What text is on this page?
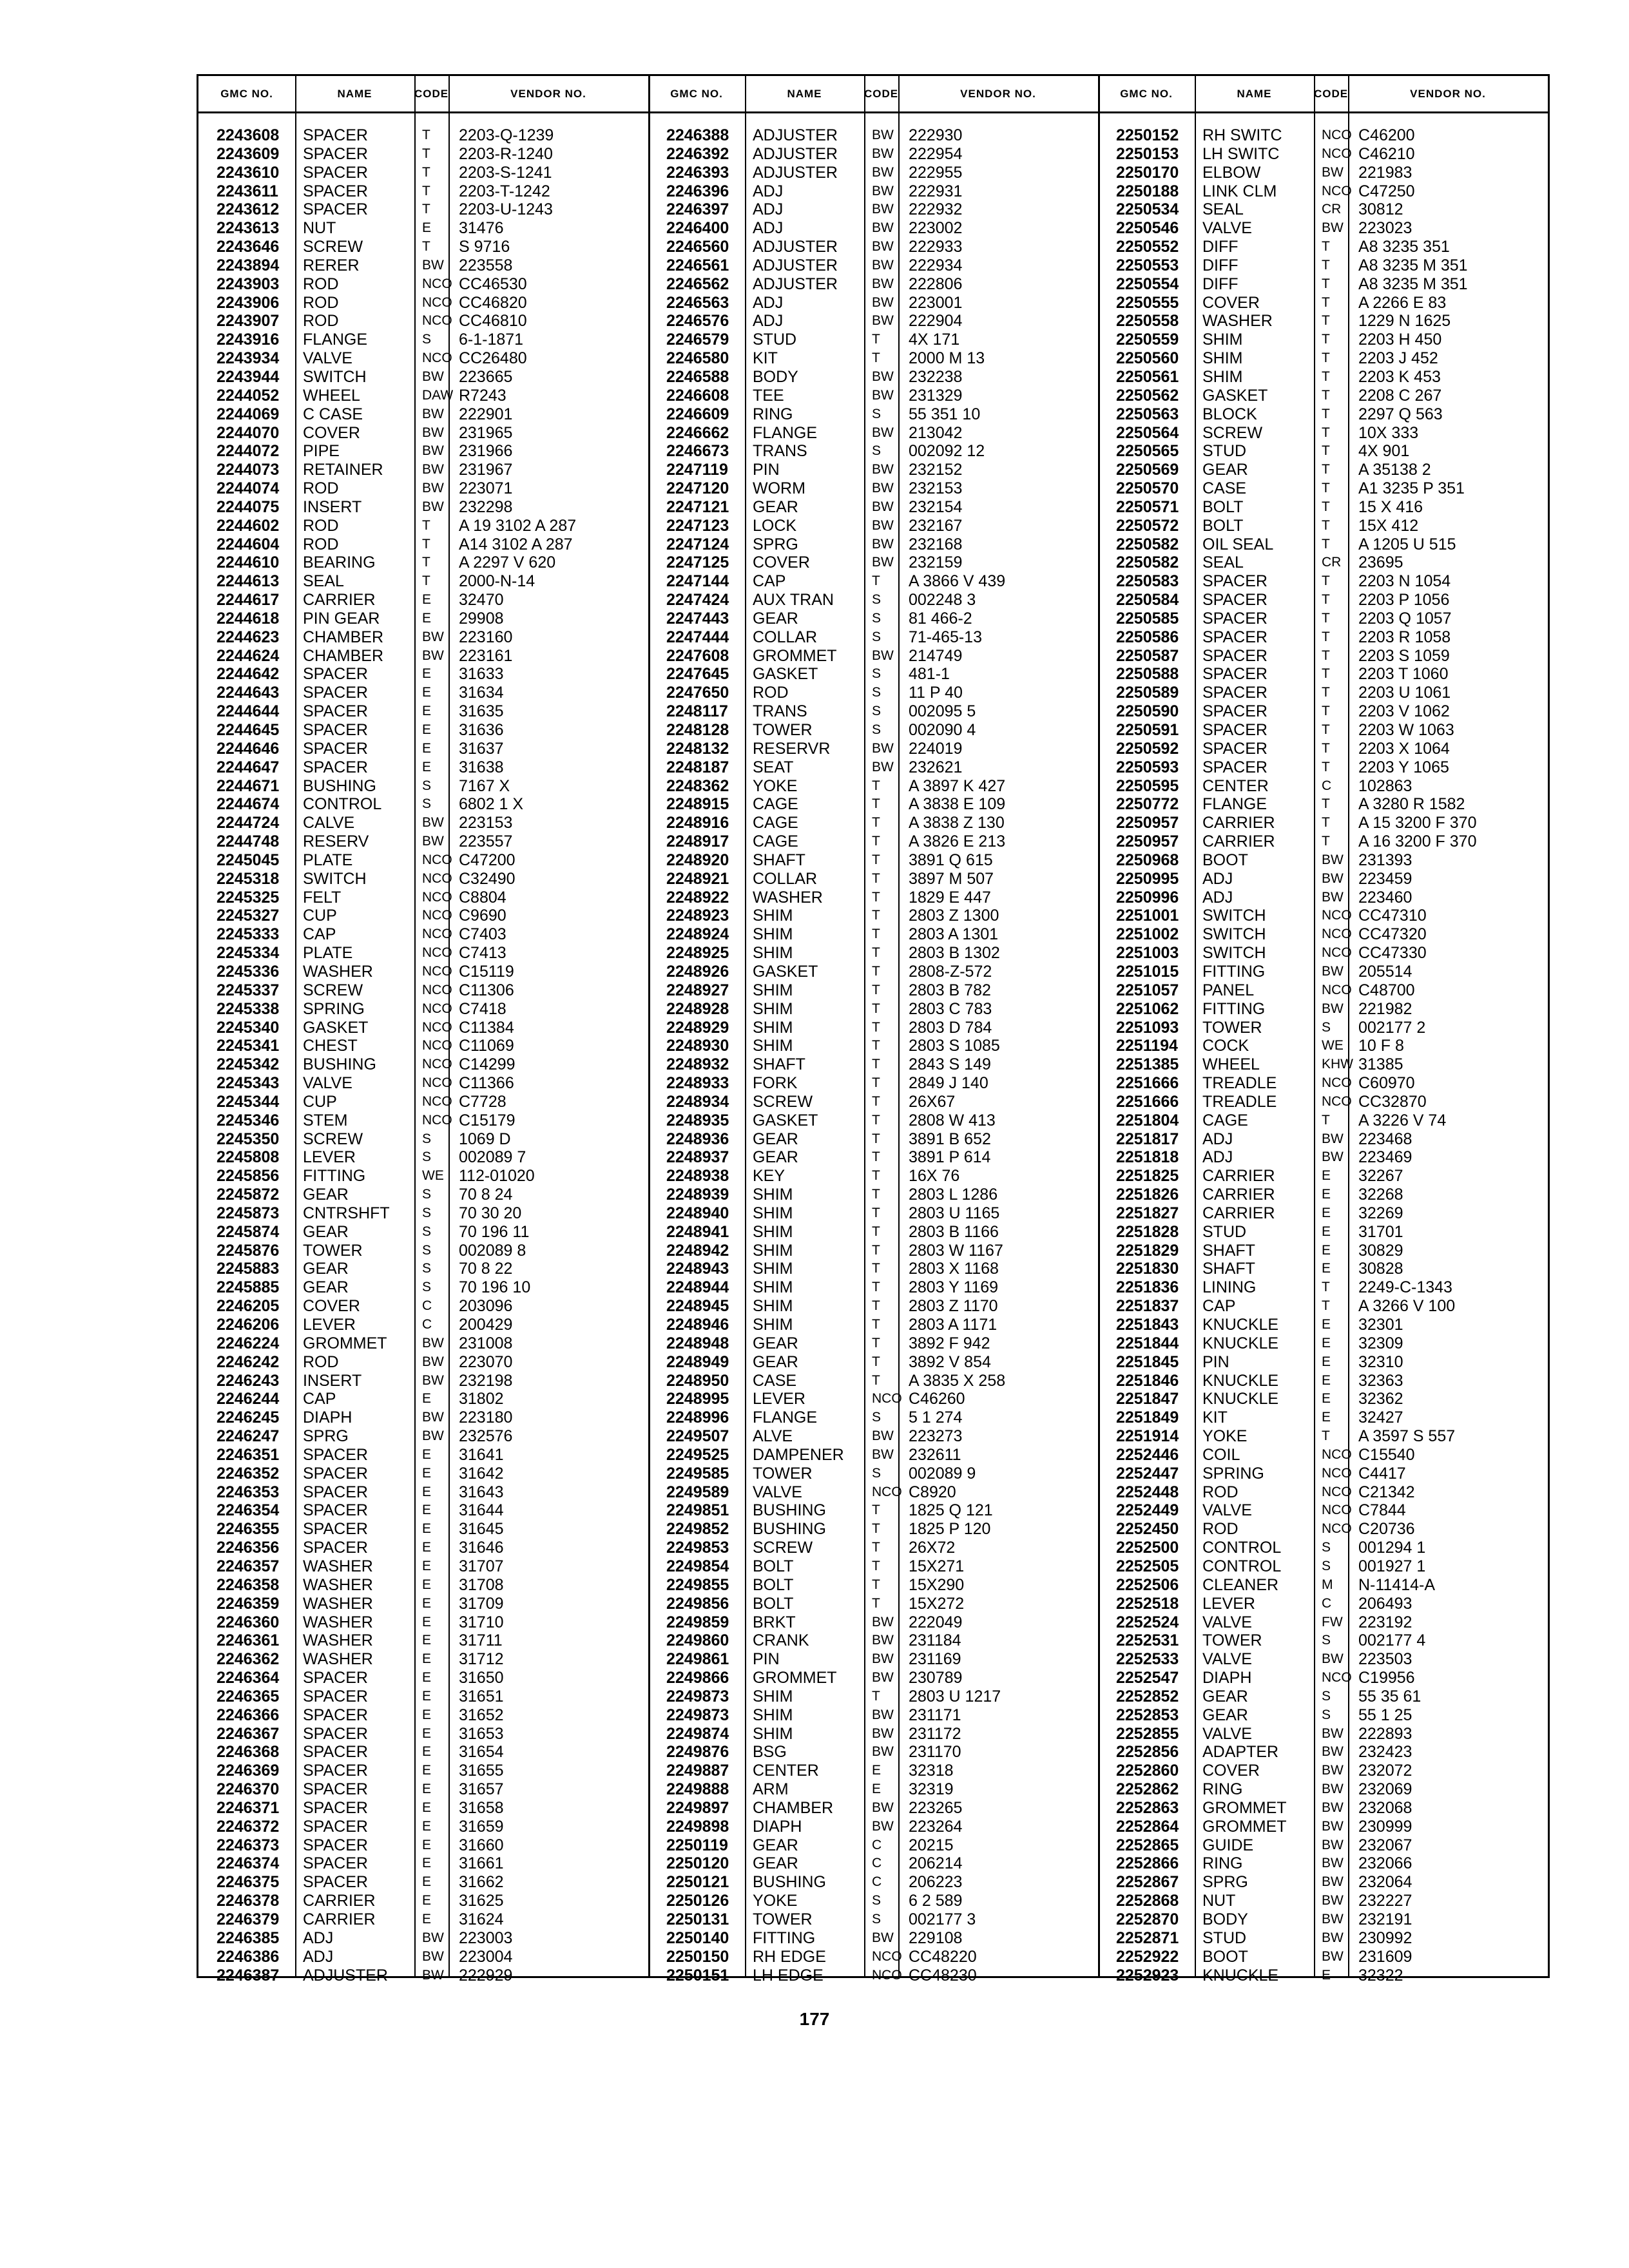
GMC NO.	NAME	CODE	VENDOR NO.
2243608 SPACER	T 2203-Q-1239
2243609 SPACER	T 2203-R-1240
2243610 SPACER	T 2203-S-1241
2243611 SPACER	T 2203-T-1242
2243612 SPACER	T 2203-U-1243
2243613 NUT	E 31476
2243646 SCREW	T S 9716
2243894 RERER	BW 223558
2243903 ROD	NCO CC46530
2243906 ROD	NCO CC46820
2243907 ROD	NCO CC46810
2243916 FLANGE	S 6-1-1871
2243934 VALVE	NCO CC26480
2243944 SWITCH	BW 223665
2244052 WHEEL	DAW R7243
2244069 C CASE	BW 222901
2244070 COVER	BW 231965
2244072 PIPE	BW 231966
2244073 RETAINER	BW 231967
2244074 ROD	BW 223071
2244075 INSERT	BW 232298
2244602 ROD	T A 19 3102 A 287
2244604 ROD	T A14 3102 A 287
2244610 BEARING	T A 2297 V 620
2244613 SEAL	T 2000-N-14
2244617 CARRIER	E 32470
2244618 PIN GEAR	E 29908
2244623 CHAMBER	BW 223160
2244624 CHAMBER	BW 223161
2244642 SPACER	E 31633
2244643 SPACER	E 31634
2244644 SPACER	E 31635
2244645 SPACER	E 31636
2244646 SPACER	E 31637
2244647 SPACER	E 31638
2244671 BUSHING	S 7167 X
2244674 CONTROL	S 6802 1 X
2244724 CALVE	BW 223153
2244748 RESERV	BW 223557
2245045 PLATE	NCO C47200
2245318 SWITCH	NCO C32490
2245325 FELT	NCO C8804
2245327 CUP	NCO C9690
2245333 CAP	NCO C7403
2245334 PLATE	NCO C7413
2245336 WASHER	NCO C15119
2245337 SCREW	NCO C11306
2245338 SPRING	NCO C7418
2245340 GASKET	NCO C11384
2245341 CHEST	NCO C11069
2245342 BUSHING	NCO C14299
2245343 VALVE	NCO C11366
2245344 CUP	NCO C7728
2245346 STEM	NCO C15179
2245350 SCREW	S 1069 D
2245808 LEVER	S 002089 7
2245856 FITTING	WE 112-01020
2245872 GEAR	S 70 8 24
2245873 CNTRSHFT S 70 30 20
2245874 GEAR	S 70 196 11
2245876 TOWER	S 002089 8
2245883 GEAR	S 70 8 22
2245885 GEAR	S 70 196 10
2246205 COVER	C 203096
2246206 LEVER	C 200429
2246224 GROMMET	BW 231008
2246242 ROD	BW 223070
2246243 INSERT	BW 232198
2246244 CAP	E 31802
2246245 DIAPH	BW 223180
2246247 SPRG	BW 232576
2246351 SPACER	E 31641
2246352 SPACER	E 31642
2246353 SPACER	E 31643
2246354 SPACER	E 31644
2246355 SPACER	E 31645
2246356 SPACER	E 31646
2246357 WASHER	E 31707
2246358 WASHER	E 31708
2246359 WASHER	E 31709
2246360 WASHER	E 31710
2246361 WASHER	E 31711
2246362 WASHER	E 31712
2246364 SPACER	E 31650
2246365 SPACER	E 31651
2246366 SPACER	E 31652
2246367 SPACER	E 31653
2246368 SPACER	E 31654
2246369 SPACER	E 31655
2246370 SPACER	E 31657
2246371 SPACER	E 31658
2246372 SPACER	E 31659
2246373 SPACER	E 31660
2246374 SPACER	E 31661
2246375 SPACER	E 31662
2246378 CARRIER	E 31625
2246379 CARRIER	E 31624
2246385 ADJ	BW 223003
2246386 ADJ	BW 223004
2246387 ADJUSTER	BW 222929
GMC NO.	NAME	CODE	VENDOR NO.
2246388 ADJUSTER	BW 222930
2246392 ADJUSTER	BW 222954
2246393 ADJUSTER	BW 222955
2246396 ADJ	BW 222931
2246397 ADJ	BW 222932
2246400 ADJ	BW 223002
2246560 ADJUSTER	BW 222933
2246561 ADJUSTER	BW 222934
2246562 ADJUSTER	BW 222806
2246563 ADJ	BW 223001
2246576 ADJ	BW 222904
2246579 STUD	T 4X 171
2246580 KIT	T 2000 M 13
2246588 BODY	BW 232238
2246608 TEE	BW 231329
2246609 RING	S 55 351 10
2246662 FLANGE	BW 213042
2246673 TRANS	S 002092 12
2247119 PIN	BW 232152
2247120 WORM	BW 232153
2247121 GEAR	BW 232154
2247123 LOCK	BW 232167
2247124 SPRG	BW 232168
2247125 COVER	BW 232159
2247144 CAP	T A 3866 V 439
2247424 AUX TRAN	S 002248 3
2247443 GEAR	S 81 466-2
2247444 COLLAR	S 71-465-13
2247608 GROMMET	BW 214749
2247645 GASKET	S 481-1
2247650 ROD	S 11 P 40
2248117 TRANS	S 002095 5
2248128 TOWER	S 002090 4
2248132 RESERVR	BW 224019
2248187 SEAT	BW 232621
2248362 YOKE	T A 3897 K 427
2248915 CAGE	T A 3838 E 109
2248916 CAGE	T A 3838 Z 130
2248917 CAGE	T A 3826 E 213
2248920 SHAFT	T 3891 Q 615
2248921 COLLAR	T 3897 M 507
2248922 WASHER	T 1829 E 447
2248923 SHIM	T 2803 Z 1300
2248924 SHIM	T 2803 A 1301
2248925 SHIM	T 2803 B 1302
2248926 GASKET	T 2808-Z-572
2248927 SHIM	T 2803 B 782
2248928 SHIM	T 2803 C 783
2248929 SHIM	T 2803 D 784
2248930 SHIM	T 2803 S 1085
2248932 SHAFT	T 2843 S 149
2248933 FORK	T 2849 J 140
2248934 SCREW	T 26X67
2248935 GASKET	T 2808 W 413
2248936 GEAR	T 3891 B 652
2248937 GEAR	T 3891 P 614
2248938 KEY	T 16X 76
2248939 SHIM	T 2803 L 1286
2248940 SHIM	T 2803 U 1165
2248941 SHIM	T 2803 B 1166
2248942 SHIM	T 2803 W 1167
2248943 SHIM	T 2803 X 1168
2248944 SHIM	T 2803 Y 1169
2248945 SHIM	T 2803 Z 1170
2248946 SHIM	T 2803 A 1171
2248948 GEAR	T 3892 F 942
2248949 GEAR	T 3892 V 854
2248950 CASE	T A 3835 X 258
2248995 LEVER	NCO C46260
2248996 FLANGE	S 5 1 274
2249507 ALVE	BW 223273
2249525 DAMPENER BW 232611
2249585 TOWER	S 002089 9
2249589 VALVE	NCO C8920
2249851 BUSHING	T 1825 Q 121
2249852 BUSHING	T 1825 P 120
2249853 SCREW	T 26X72
2249854 BOLT	T 15X271
2249855 BOLT	T 15X290
2249856 BOLT	T 15X272
2249859 BRKT	BW 222049
2249860 CRANK	BW 231184
2249861 PIN	BW 231169
2249866 GROMMET	BW 230789
2249873 SHIM	T 2803 U 1217
2249873 SHIM	BW 231171
2249874 SHIM	BW 231172
2249876 BSG	BW 231170
2249887 CENTER	E 32318
2249888 ARM	E 32319
2249897 CHAMBER	BW 223265
2249898 DIAPH	BW 223264
2250119 GEAR	C 20215
2250120 GEAR	C 206214
2250121 BUSHING	C 206223
2250126 YOKE	S 6 2 589
2250131 TOWER	S 002177 3
2250140 FITTING	BW 229108
2250150 RH EDGE	NCO CC48220
2250151 LH EDGE	NCO CC48230
GMC NO.	NAME	CODE	VENDOR NO.
2250152 RH SWITC	NCO C46200
2250153 LH SWITC	NCO C46210
2250170 ELBOW	BW 221983
2250188 LINK CLM	NCO C47250
2250534 SEAL	CR 30812
2250546 VALVE	BW 223023
2250552 DIFF	T A8 3235 351
2250553 DIFF	T A8 3235 M 351
2250554 DIFF	T A8 3235 M 351
2250555 COVER	T A 2266 E 83
2250558 WASHER	T 1229 N 1625
2250559 SHIM	T 2203 H 450
2250560 SHIM	T 2203 J 452
2250561 SHIM	T 2203 K 453
2250562 GASKET	T 2208 C 267
2250563 BLOCK	T 2297 Q 563
2250564 SCREW	T 10X 333
2250565 STUD	T 4X 901
2250569 GEAR	T A 35138 2
2250570 CASE	T A1 3235 P 351
2250571 BOLT	T 15 X 416
2250572 BOLT	T 15X 412
2250582 OIL SEAL	T A 1205 U 515
2250582 SEAL	CR 23695
2250583 SPACER	T 2203 N 1054
2250584 SPACER	T 2203 P 1056
2250585 SPACER	T 2203 Q 1057
2250586 SPACER	T 2203 R 1058
2250587 SPACER	T 2203 S 1059
2250588 SPACER	T 2203 T 1060
2250589 SPACER	T 2203 U 1061
2250590 SPACER	T 2203 V 1062
2250591 SPACER	T 2203 W 1063
2250592 SPACER	T 2203 X 1064
2250593 SPACER	T 2203 Y 1065
2250595 CENTER	C 102863
2250772 FLANGE	T A 3280 R 1582
2250957 CARRIER	T A 15 3200 F 370
2250957 CARRIER	T A 16 3200 F 370
2250968 BOOT	BW 231393
2250995 ADJ	BW 223459
2250996 ADJ	BW 223460
2251001 SWITCH	NCO CC47310
2251002 SWITCH	NCO CC47320
2251003 SWITCH	NCO CC47330
2251015 FITTING	BW 205514
2251057 PANEL	NCO C48700
2251062 FITTING	BW 221982
2251093 TOWER	S 002177 2
2251194 COCK	WE 10 F 8
2251385 WHEEL	KHW 31385
2251666 TREADLE	NCO C60970
2251666 TREADLE	NCO CC32870
2251804 CAGE	T A 3226 V 74
2251817 ADJ	BW 223468
2251818 ADJ	BW 223469
2251825 CARRIER	E 32267
2251826 CARRIER	E 32268
2251827 CARRIER	E 32269
2251828 STUD	E 31701
2251829 SHAFT	E 30829
2251830 SHAFT	E 30828
2251836 LINING	T 2249-C-1343
2251837 CAP	T A 3266 V 100
2251843 KNUCKLE	E 32301
2251844 KNUCKLE	E 32309
2251845 PIN	E 32310
2251846 KNUCKLE	E 32363
2251847 KNUCKLE	E 32362
2251849 KIT	E 32427
2251914 YOKE	T A 3597 S 557
2252446 COIL	NCO C15540
2252447 SPRING	NCO C4417
2252448 ROD	NCO C21342
2252449 VALVE	NCO C7844
2252450 ROD	NCO C20736
2252500 CONTROL	S 001294 1
2252505 CONTROL	S 001927 1
2252506 CLEANER	M N-11414-A
2252518 LEVER	C 206493
2252524 VALVE	FW 223192
2252531 TOWER	S 002177 4
2252533 VALVE	BW 223503
2252547 DIAPH	NCO C19956
2252852 GEAR	S 55 35 61
2252853 GEAR	S 55 1 25
2252855 VALVE	BW 222893
2252856 ADAPTER	BW 232423
2252860 COVER	BW 232072
2252862 RING	BW 232069
2252863 GROMMET	BW 232068
2252864 GROMMET	BW 230999
2252865 GUIDE	BW 232067
2252866 RING	BW 232066
2252867 SPRG	BW 232064
2252868 NUT	BW 232227
2252870 BODY	BW 232191
2252871 STUD	BW 230992
2252922 BOOT	BW 231609
2252923 KNUCKLE	E 32322
177
